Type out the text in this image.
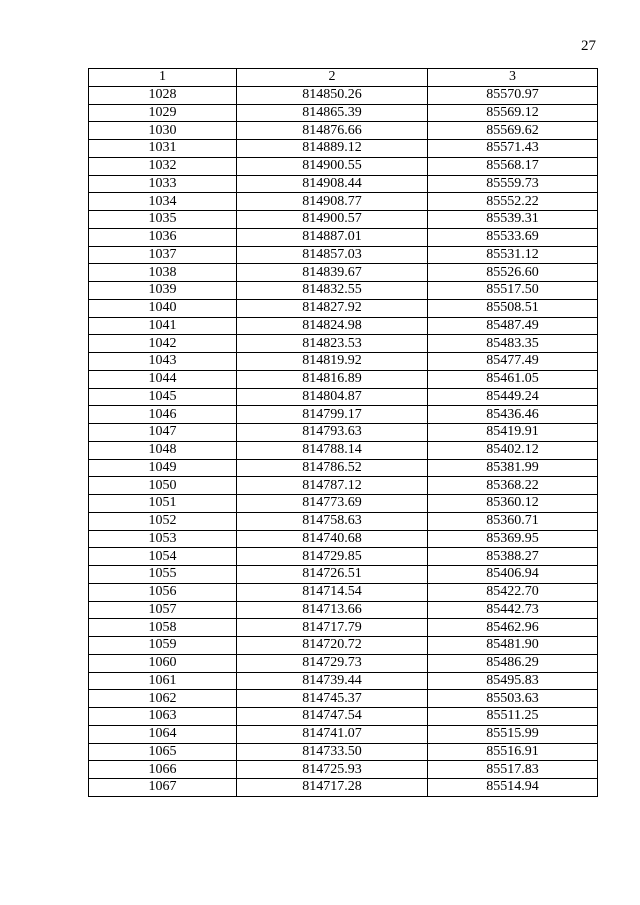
27
1	2	3
1028	814850.26	85570.97
1029	814865.39	85569.12
1030	814876.66	85569.62
1031	814889.12	85571.43
1032	814900.55	85568.17
1033	814908.44	85559.73
1034	814908.77	85552.22
1035	814900.57	85539.31
1036	814887.01	85533.69
1037	814857.03	85531.12
1038	814839.67	85526.60
1039	814832.55	85517.50
1040	814827.92	85508.51
1041	814824.98	85487.49
1042	814823.53	85483.35
1043	814819.92	85477.49
1044	814816.89	85461.05
1045	814804.87	85449.24
1046	814799.17	85436.46
1047	814793.63	85419.91
1048	814788.14	85402.12
1049	814786.52	85381.99
1050	814787.12	85368.22
1051	814773.69	85360.12
1052	814758.63	85360.71
1053	814740.68	85369.95
1054	814729.85	85388.27
1055	814726.51	85406.94
1056	814714.54	85422.70
1057	814713.66	85442.73
1058	814717.79	85462.96
1059	814720.72	85481.90
1060	814729.73	85486.29
1061	814739.44	85495.83
1062	814745.37	85503.63
1063	814747.54	85511.25
1064	814741.07	85515.99
1065	814733.50	85516.91
1066	814725.93	85517.83
1067	814717.28	85514.94
